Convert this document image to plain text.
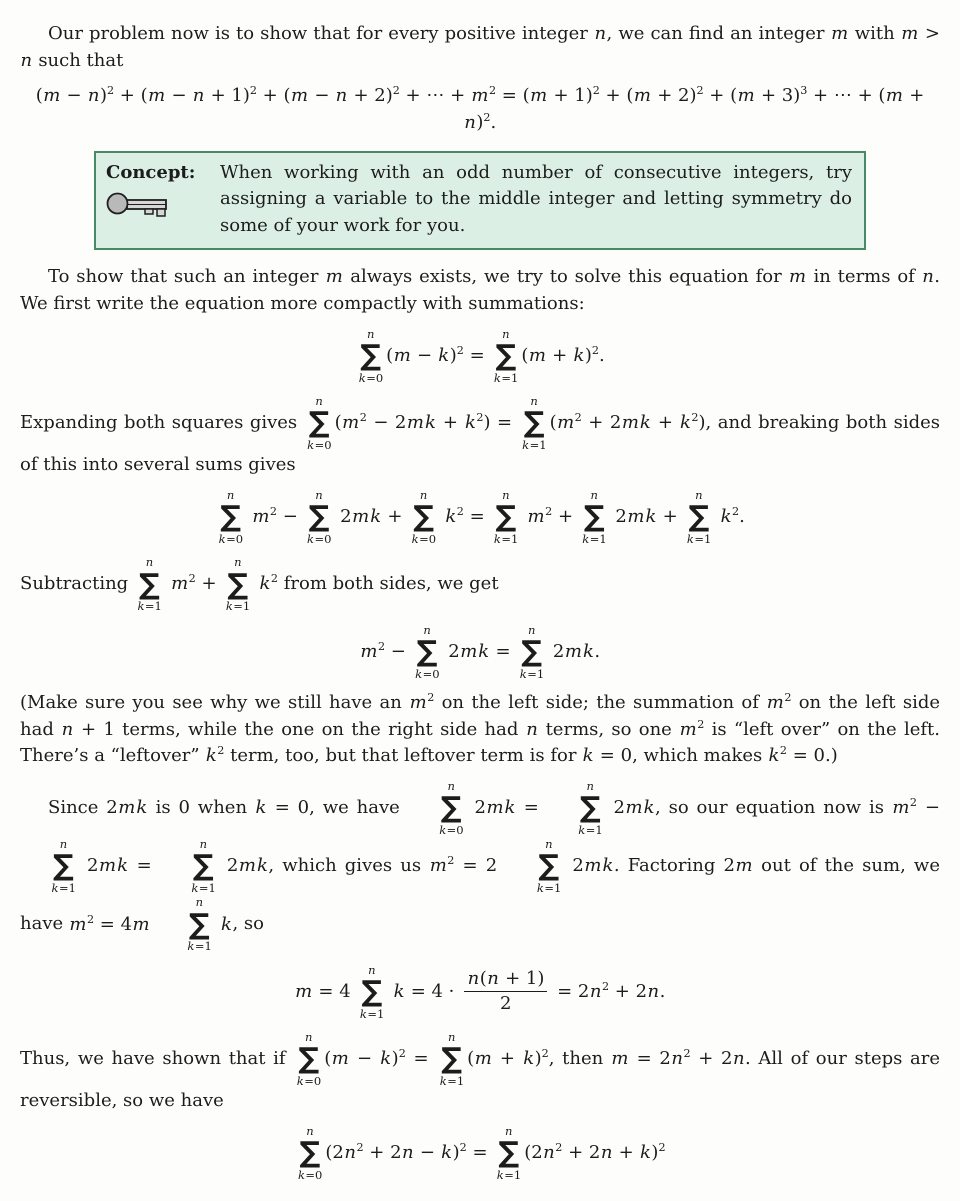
Our problem now is to show that for every positive integer n, we can find an integer m with m > n such that

$(m - n)^2 + (m - n + 1)^2 + (m - n + 2)^2$ + ⋯ + $m^2 = (m + 1)^2 + (m + 2)^2 + (m + 3)^3$ + ⋯ + $(m + n)^2$.
Concept: When working with an odd number of consecutive integers, try assigning a variable to the middle integer and letting symmetry do some of your work for you.

To show that such an integer m always exists, we try to solve this equation for m in terms of n. We first write the equation more compactly with summations:

n
∑
k=0
$(m - k)^2$ =
n
∑
k=1
$(m + k)^2$.

Expanding both squares gives
n
∑
k=0
$(m^2 - 2mk + k^2)$ =
n
∑
k=1
$(m^2 + 2mk + k^2)$, and breaking both sides of this into several sums gives

n
∑
k=0
$m^2$ −
n
∑
k=0
2mk +
n
∑
k=0
$k^2$ =
n
∑
k=1
$m^2$ +
n
∑
k=1
2mk +
n
∑
k=1
$k^2$.

Subtracting
n
∑
k=1
$m^2$ +
n
∑
k=1
$k^2$ from both sides, we get

$m^2$ −
n
∑
k=0
2mk =
n
∑
k=1
2mk.

(Make sure you see why we still have an $m^2$ on the left side; the summation of $m^2$ on the left side had n + 1 terms, while the one on the right side had n terms, so one $m^2$ is “left over” on the left. There’s a “leftover” $k^2$ term, too, but that leftover term is for k = 0, which makes $k^2 = 0$.)

Since 2mk is 0 when k = 0, we have
n
∑
k=0
2mk =
n
∑
k=1
2mk, so our equation now is $m^2$ −
n
∑
k=1
2mk =
n
∑
k=1
2mk, which gives us $m^2 = 2$
n
∑
k=1
2mk. Factoring 2m out of the sum, we have $m^2 = 4m$
n
∑
k=1
k, so

m = 4
n
∑
k=1
$k = 4 \cdot \frac{n(n + 1)}{2} = 2n^2 + 2n$.

Thus, we have shown that if
n
∑
k=0
$(m - k)^2$ =
n
∑
k=1
$(m + k)^2$, then $m = 2n^2 + 2n$. All of our steps are reversible, so we have

n
∑
k=0
$(2n^2 + 2n - k)^2$ =
n
∑
k=1
$(2n^2 + 2n + k)^2$
